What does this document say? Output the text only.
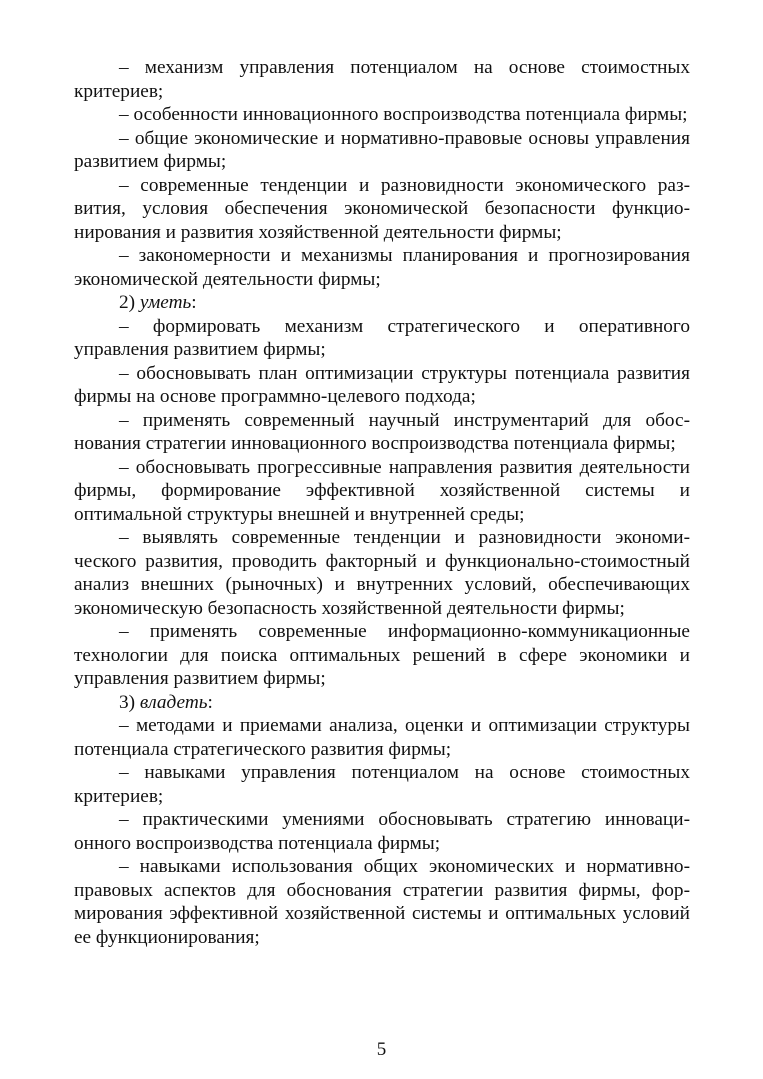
– механизм управления потенциалом на основе стоимостных критериев;

– особенности инновационного воспроизводства потенциала фирмы;

– общие экономические и нормативно-правовые основы управления развитием фирмы;

– современные тенденции и разновидности экономического развития, условия обеспечения экономической безопасности функционирования и развития хозяйственной деятельности фирмы;

– закономерности и механизмы планирования и прогнозирования экономической деятельности фирмы;

2) уметь:

– формировать механизм стратегического и оперативного управления развитием фирмы;

– обосновывать план оптимизации структуры потенциала развития фирмы на основе программно-целевого подхода;

– применять современный научный инструментарий для обоснования стратегии инновационного воспроизводства потенциала фирмы;

– обосновывать прогрессивные направления развития деятельности фирмы, формирование эффективной хозяйственной системы и оптимальной структуры внешней и внутренней среды;

– выявлять современные тенденции и разновидности экономического развития, проводить факторный и функционально-стоимостный анализ внешних (рыночных) и внутренних условий, обеспечивающих экономическую безопасность хозяйственной деятельности фирмы;

– применять современные информационно-коммуникационные технологии для поиска оптимальных решений в сфере экономики и управления развитием фирмы;

3) владеть:

– методами и приемами анализа, оценки и оптимизации структуры потенциала стратегического развития фирмы;

– навыками управления потенциалом на основе стоимостных критериев;

– практическими умениями обосновывать стратегию инновационного воспроизводства потенциала фирмы;

– навыками использования общих экономических и нормативно-правовых аспектов для обоснования стратегии развития фирмы, формирования эффективной хозяйственной системы и оптимальных условий ее функционирования;

5
